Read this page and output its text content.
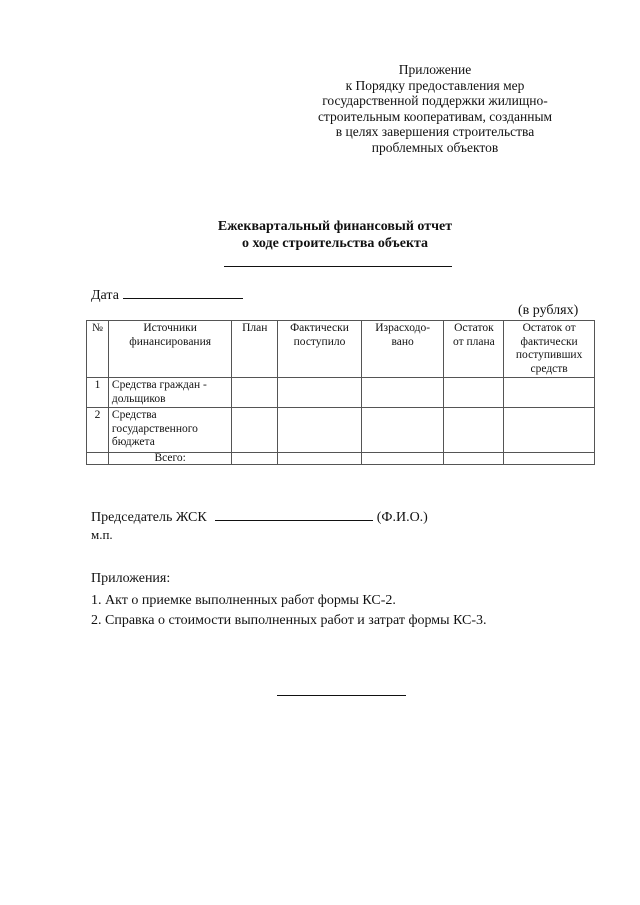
Приложение
к Порядку предоставления мер
государственной поддержки жилищно-
строительным кооперативам, созданным
в целях завершения строительства
проблемных объектов
Ежеквартальный финансовый отчет
о ходе строительства объекта
Дата
(в рублях)
№	Источники финансирования	План	Фактически поступило	Израсходо-вано	Остаток от плана	Остаток от фактически поступивших средств
1	Средства граждан - дольщиков					
2	Средства государственного бюджета					
	Всего:					
Председатель ЖСК	(Ф.И.О.)
м.п.
Приложения:
1. Акт о приемке выполненных работ формы КС-2.
2. Справка о стоимости выполненных работ и затрат формы КС-3.
